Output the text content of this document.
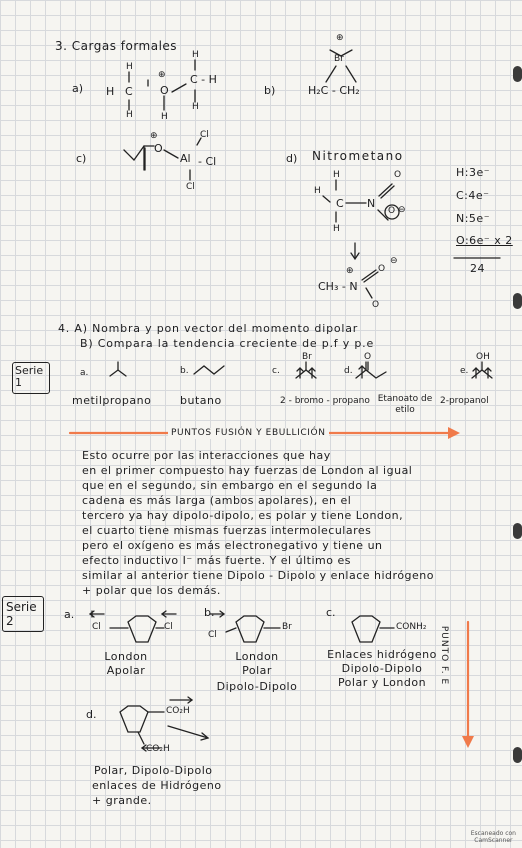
3. Cargas formales
a)
H
H C
H
⊕
O
H
H
C - H
H
b)
⊕
Br
H₂C - CH₂
c)
⊕
O
Al
Cl
- Cl
Cl
d) Nitrometano
H
H
C N
H
O
⊖
O
⊕	O
⊖
CH₃ - N
O
H:3e⁻
C:4e⁻
N:5e⁻
O:6e⁻ x 2
24
4. A) Nombra y pon vector del momento dipolar
B) Compara la tendencia creciente de p.f y p.e
Serie 1
a.	b.	c.
Br
d.
O
e.
OH
metilpropano	butano	2 - bromo - propano Etanoato de etilo
2-propanol
PUNTOS FUSIÓN Y EBULLICIÓN
Esto ocurre por las interacciones que hay
en el primer compuesto hay fuerzas de London al igual
que en el segundo, sin embargo en el segundo la
cadena es más larga (ambos apolares), en el
tercero ya hay dipolo-dipolo, es polar y tiene London,
el cuarto tiene mismas fuerzas intermoleculares
pero el oxígeno es más electronegativo y tiene un
efecto inductivo I⁻ más fuerte. Y el último es
similar al anterior tiene Dipolo - Dipolo y enlace hidrógeno
+ polar que los demás.
Serie 2	a.
Cl	Cl
London
Apolar
b.
Cl
Br
London
Polar
Dipolo-Dipolo
c.
CONH₂
Enlaces hidrógeno
Dipolo-Dipolo
Polar y London
d.	CO₂H
CO₂H
Polar, Dipolo-Dipolo
enlaces de Hidrógeno
+ grande.
PUNTO F. E
Escaneado con
CamScanner
